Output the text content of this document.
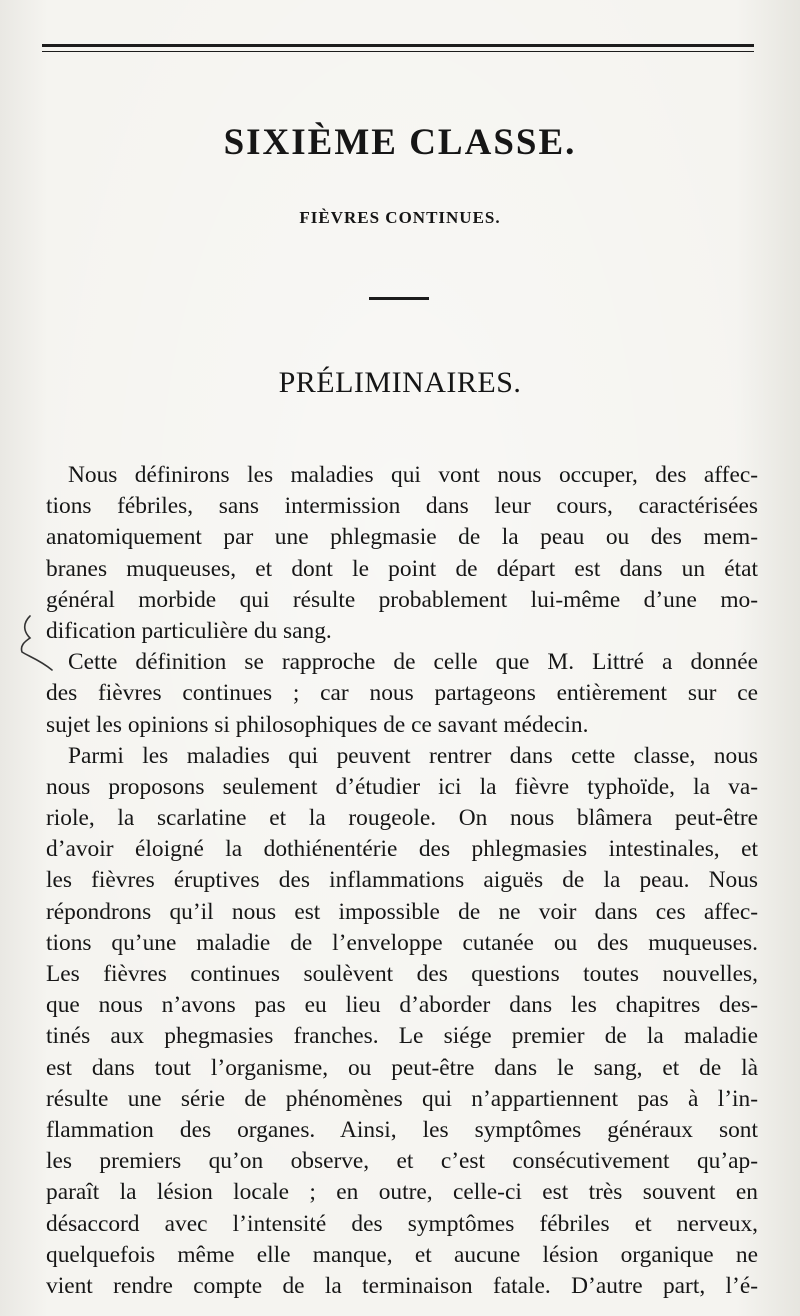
SIXIÈME CLASSE.
FIÈVRES CONTINUES.
PRÉLIMINAIRES.
Nous définirons les maladies qui vont nous occuper, des affec-
tions fébriles, sans intermission dans leur cours, caractérisées
anatomiquement par une phlegmasie de la peau ou des mem-
branes muqueuses, et dont le point de départ est dans un état
général morbide qui résulte probablement lui-même d’une mo-
dification particulière du sang.
Cette définition se rapproche de celle que M. Littré a donnée
des fièvres continues ; car nous partageons entièrement sur ce
sujet les opinions si philosophiques de ce savant médecin.
Parmi les maladies qui peuvent rentrer dans cette classe, nous
nous proposons seulement d’étudier ici la fièvre typhoïde, la va-
riole, la scarlatine et la rougeole. On nous blâmera peut-être
d’avoir éloigné la dothiénentérie des phlegmasies intestinales, et
les fièvres éruptives des inflammations aiguës de la peau. Nous
répondrons qu’il nous est impossible de ne voir dans ces affec-
tions qu’une maladie de l’enveloppe cutanée ou des muqueuses.
Les fièvres continues soulèvent des questions toutes nouvelles,
que nous n’avons pas eu lieu d’aborder dans les chapitres des-
tinés aux phegmasies franches. Le siége premier de la maladie
est dans tout l’organisme, ou peut-être dans le sang, et de là
résulte une série de phénomènes qui n’appartiennent pas à l’in-
flammation des organes. Ainsi, les symptômes généraux sont
les premiers qu’on observe, et c’est consécutivement qu’ap-
paraît la lésion locale ; en outre, celle-ci est très souvent en
désaccord avec l’intensité des symptômes fébriles et nerveux,
quelquefois même elle manque, et aucune lésion organique ne
vient rendre compte de la terminaison fatale. D’autre part, l’é-
